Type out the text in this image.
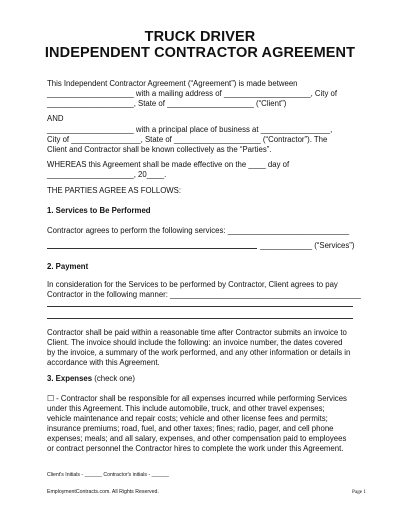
TRUCK DRIVER
INDEPENDENT CONTRACTOR AGREEMENT
This Independent Contractor Agreement (“Agreement”) is made between
____________________ with a mailing address of ____________________, City of
____________________, State of ____________________ (“Client”)
AND
____________________ with a principal place of business at ________________,
City of ________________, State of ____________________ (“Contractor”). The
Client and Contractor shall be known collectively as the “Parties”.
WHEREAS this Agreement shall be made effective on the ____ day of
____________________, 20____.
THE PARTIES AGREE AS FOLLOWS:
1. Services to Be Performed
Contractor agrees to perform the following services: ____________________________
____________ (“Services”)
2. Payment
In consideration for the Services to be performed by Contractor, Client agrees to pay
Contractor in the following manner: ____________________________________________
Contractor shall be paid within a reasonable time after Contractor submits an invoice to
Client. The invoice should include the following: an invoice number, the dates covered
by the invoice, a summary of the work performed, and any other information or details in
accordance with this Agreement.
3. Expenses (check one)
☐ - Contractor shall be responsible for all expenses incurred while performing Services
under this Agreement. This include automobile, truck, and other travel expenses;
vehicle maintenance and repair costs; vehicle and other license fees and permits;
insurance premiums; road, fuel, and other taxes; fines; radio, pager, and cell phone
expenses; meals; and all salary, expenses, and other compensation paid to employees
or contract personnel the Contractor hires to complete the work under this Agreement.
Client's Initials - ______ Contractor's initials - ______
EmploymentContracts.com. All Rights Reserved.	Page 1
